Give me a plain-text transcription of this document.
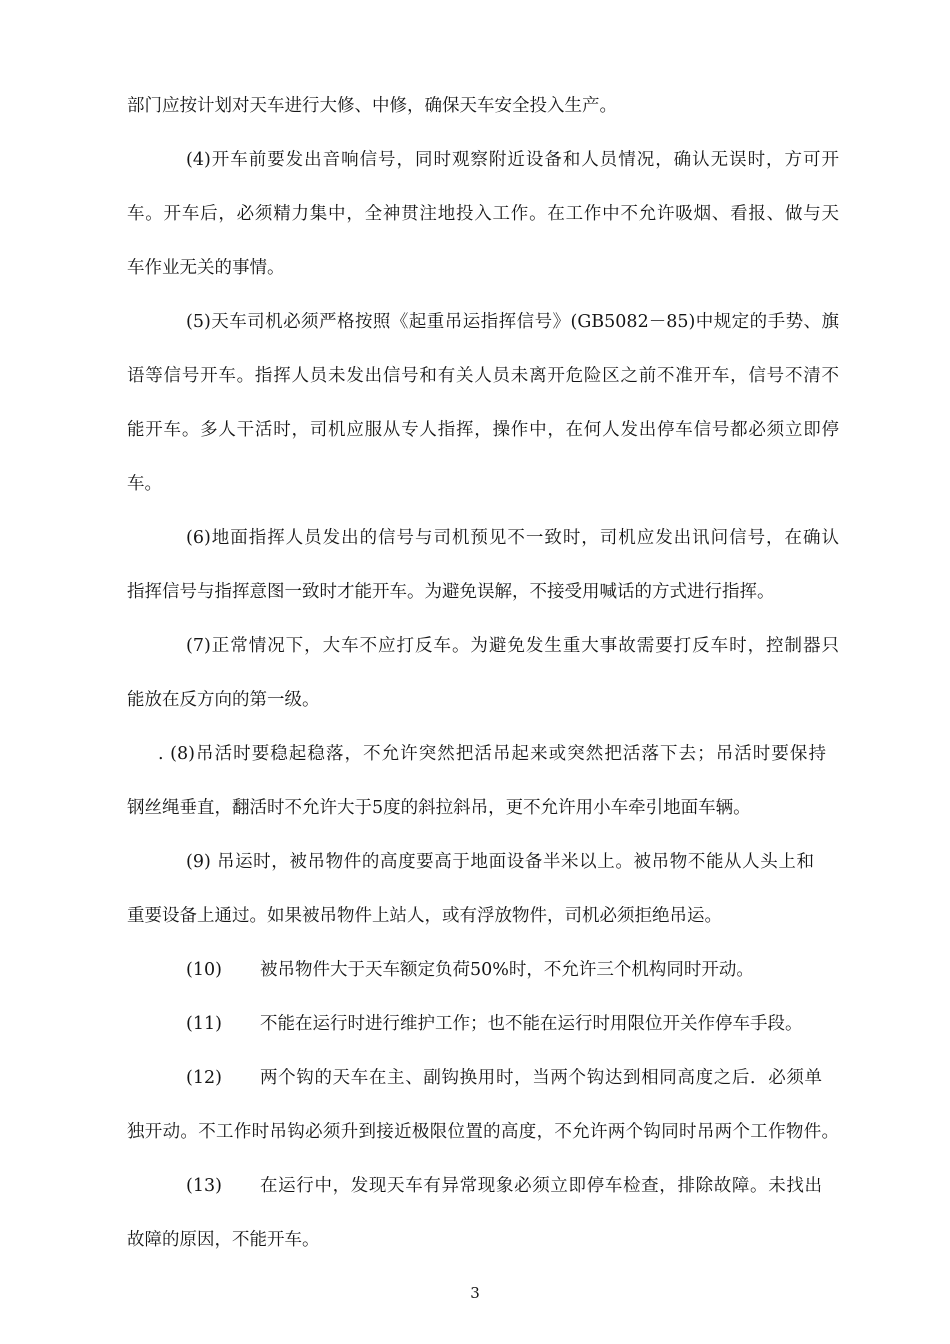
部门应按计划对天车进行大修、中修，确保天车安全投入生产。

(4)开车前要发出音响信号，同时观察附近设备和人员情况，确认无误时，方可开

车。开车后，必须精力集中，全神贯注地投入工作。在工作中不允许吸烟、看报、做与天

车作业无关的事情。

(5)天车司机必须严格按照《起重吊运指挥信号》(GB5082－85)中规定的手势、旗

语等信号开车。指挥人员未发出信号和有关人员未离开危险区之前不准开车，信号不清不

能开车。多人干活时，司机应服从专人指挥，操作中，在何人发出停车信号都必须立即停

车。

(6)地面指挥人员发出的信号与司机预见不一致时，司机应发出讯问信号，在确认

指挥信号与指挥意图一致时才能开车。为避免误解，不接受用喊话的方式进行指挥。

(7)正常情况下，大车不应打反车。为避免发生重大事故需要打反车时，控制器只

能放在反方向的第一级。

. (8)吊活时要稳起稳落，不允许突然把活吊起来或突然把活落下去；吊活时要保持

钢丝绳垂直，翻活时不允许大于5度的斜拉斜吊，更不允许用小车牵引地面车辆。

(9) 吊运时，被吊物件的高度要高于地面设备半米以上。被吊物不能从人头上和

重要设备上通过。如果被吊物件上站人，或有浮放物件，司机必须拒绝吊运。

(10) 被吊物件大于天车额定负荷50%时，不允许三个机构同时开动。
(11) 不能在运行时进行维护工作；也不能在运行时用限位开关作停车手段。
(12)	两个钩的天车在主、副钩换用时，当两个钩达到相同高度之后．必须单

独开动。不工作时吊钩必须升到接近极限位置的高度，不允许两个钩同时吊两个工作物件。

(13)	在运行中，发现天车有异常现象必须立即停车检查，排除故障。未找出

故障的原因，不能开车。

3
